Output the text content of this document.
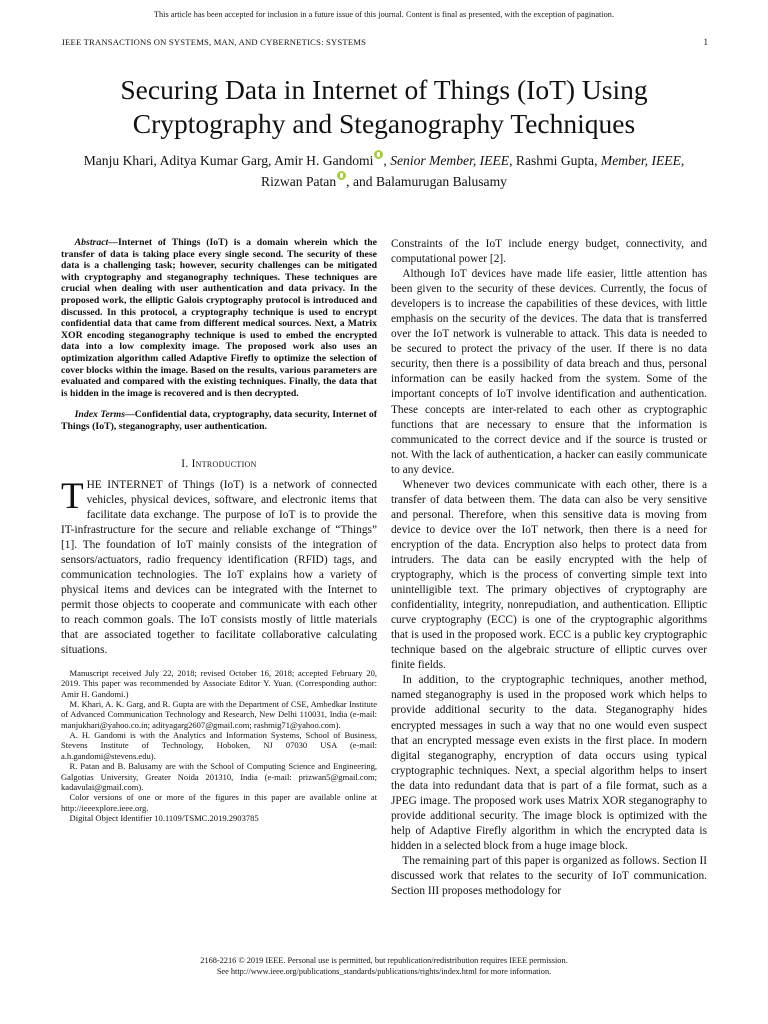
This article has been accepted for inclusion in a future issue of this journal. Content is final as presented, with the exception of pagination.
IEEE TRANSACTIONS ON SYSTEMS, MAN, AND CYBERNETICS: SYSTEMS	1
Securing Data in Internet of Things (IoT) Using
Cryptography and Steganography Techniques
Manju Khari, Aditya Kumar Garg, Amir H. Gandomi , Senior Member, IEEE, Rashmi Gupta, Member, IEEE,
Rizwan Patan , and Balamurugan Balusamy

Abstract—Internet of Things (IoT) is a domain wherein which the transfer of data is taking place every single second. The security of these data is a challenging task; however, security challenges can be mitigated with cryptography and steganography techniques. These techniques are crucial when dealing with user authentication and data privacy. In the proposed work, the elliptic Galois cryptography protocol is introduced and discussed. In this protocol, a cryptography technique is used to encrypt confidential data that came from different medical sources. Next, a Matrix XOR encoding steganography technique is used to embed the encrypted data into a low complexity image. The proposed work also uses an optimization algorithm called Adaptive Firefly to optimize the selection of cover blocks within the image. Based on the results, various parameters are evaluated and compared with the existing techniques. Finally, the data that is hidden in the image is recovered and is then decrypted.

Index Terms—Confidential data, cryptography, data security, Internet of Things (IoT), steganography, user authentication.

I. Introduction

THE INTERNET of Things (IoT) is a network of connected vehicles, physical devices, software, and electronic items that facilitate data exchange. The purpose of IoT is to provide the IT-infrastructure for the secure and reliable exchange of “Things” [1]. The foundation of IoT mainly consists of the integration of sensors/actuators, radio frequency identification (RFID) tags, and communication technologies. The IoT explains how a variety of physical items and devices can be integrated with the Internet to permit those objects to cooperate and communicate with each other to reach common goals. The IoT consists mostly of little materials that are associated together to facilitate collaborative calculating situations.

Manuscript received July 22, 2018; revised October 16, 2018; accepted February 20, 2019. This paper was recommended by Associate Editor Y. Yuan. (Corresponding author: Amir H. Gandomi.)

M. Khari, A. K. Garg, and R. Gupta are with the Department of CSE, Ambedkar Institute of Advanced Communication Technology and Research, New Delhi 110031, India (e-mail: manjukhari@yahoo.co.in; adityagarg2607@gmail.com; rashmig71@yahoo.com).

A. H. Gandomi is with the Analytics and Information Systems, School of Business, Stevens Institute of Technology, Hoboken, NJ 07030 USA (e-mail: a.h.gandomi@stevens.edu).

R. Patan and B. Balusamy are with the School of Computing Science and Engineering, Galgotias University, Greater Noida 201310, India (e-mail: prizwan5@gmail.com; kadavulai@gmail.com).

Color versions of one or more of the figures in this paper are available online at http://ieeexplore.ieee.org.

Digital Object Identifier 10.1109/TSMC.2019.2903785

Constraints of the IoT include energy budget, connectivity, and computational power [2].

Although IoT devices have made life easier, little attention has been given to the security of these devices. Currently, the focus of developers is to increase the capabilities of these devices, with little emphasis on the security of the devices. The data that is transferred over the IoT network is vulnerable to attack. This data is needed to be secured to protect the privacy of the user. If there is no data security, then there is a possibility of data breach and thus, personal information can be easily hacked from the system. Some of the important concepts of IoT involve identification and authentication. These concepts are inter-related to each other as cryptographic functions that are necessary to ensure that the information is communicated to the correct device and if the source is trusted or not. With the lack of authentication, a hacker can easily communicate to any device.

Whenever two devices communicate with each other, there is a transfer of data between them. The data can also be very sensitive and personal. Therefore, when this sensitive data is moving from device to device over the IoT network, then there is a need for encryption of the data. Encryption also helps to protect data from intruders. The data can be easily encrypted with the help of cryptography, which is the process of converting simple text into unintelligible text. The primary objectives of cryptography are confidentiality, integrity, nonrepudiation, and authentication. Elliptic curve cryptography (ECC) is one of the cryptographic algorithms that is used in the proposed work. ECC is a public key cryptographic technique based on the algebraic structure of elliptic curves over finite fields.

In addition, to the cryptographic techniques, another method, named steganography is used in the proposed work which helps to provide additional security to the data. Steganography hides encrypted messages in such a way that no one would even suspect that an encrypted message even exists in the first place. In modern digital steganography, encryption of data occurs using typical cryptographic techniques. Next, a special algorithm helps to insert the data into redundant data that is part of a file format, such as a JPEG image. The proposed work uses Matrix XOR steganography to provide additional security. The image block is optimized with the help of Adaptive Firefly algorithm in which the encrypted data is hidden in a selected block from a huge image block.

The remaining part of this paper is organized as follows. Section II discussed work that relates to the security of IoT communication. Section III proposes methodology for

2168-2216 © 2019 IEEE. Personal use is permitted, but republication/redistribution requires IEEE permission.
See http://www.ieee.org/publications_standards/publications/rights/index.html for more information.
